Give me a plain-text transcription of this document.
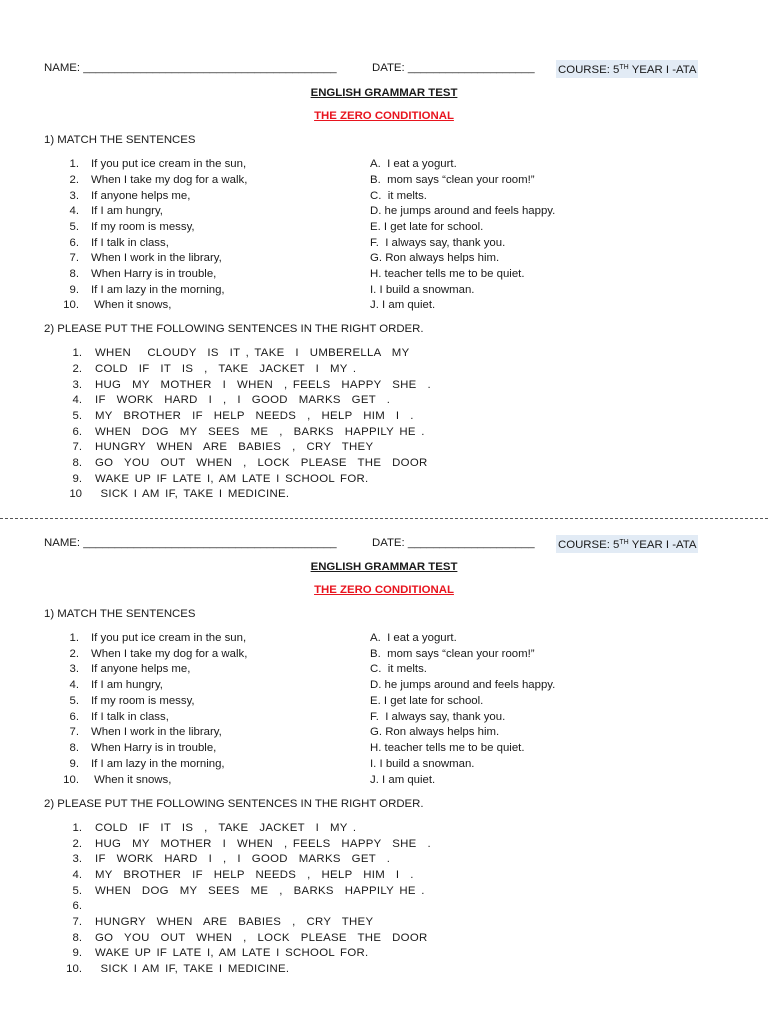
NAME: ________________________________________	DATE: ____________________ COURSE: 5TH YEAR I -ATA
ENGLISH GRAMMAR TEST
THE ZERO CONDITIONAL
1) MATCH THE SENTENCES
1. If you put ice cream in the sun,
2. When I take my dog for a walk,
3. If anyone helps me,
4. If I am hungry,
5. If my room is messy,
6. If I talk in class,
7. When I work in the library,
8. When Harry is in trouble,
9. If I am lazy in the morning,
10. When it snows,
A.  I eat a yogurt.
B.  mom says “clean your room!”
C.  it melts.
D. he jumps around and feels happy.
E. I get late for school.
F.  I always say, thank you.
G. Ron always helps him.
H. teacher tells me to be quiet.
I. I build a snowman.
J. I am quiet.
2) PLEASE PUT THE FOLLOWING SENTENCES IN THE RIGHT ORDER.
1. WHEN   CLOUDY  IS  IT , TAKE  I  UMBERELLA  MY
2. COLD  IF  IT  IS  ,  TAKE  JACKET  I  MY .
3. HUG  MY  MOTHER  I  WHEN  , FEELS  HAPPY  SHE  .
4. IF  WORK  HARD  I  ,  I  GOOD  MARKS  GET  .
5. MY  BROTHER  IF  HELP  NEEDS  ,  HELP  HIM  I  .
6. WHEN  DOG  MY  SEES  ME  ,  BARKS  HAPPILY HE .
7. HUNGRY  WHEN  ARE  BABIES  ,  CRY  THEY
8. GO  YOU  OUT  WHEN  ,  LOCK  PLEASE  THE  DOOR
9. WAKE UP IF LATE I, AM LATE I SCHOOL FOR.
10 SICK I AM IF, TAKE I MEDICINE.
NAME: ________________________________________	DATE: ____________________ COURSE: 5TH YEAR I -ATA
ENGLISH GRAMMAR TEST
THE ZERO CONDITIONAL
1) MATCH THE SENTENCES
1. If you put ice cream in the sun,
2. When I take my dog for a walk,
3. If anyone helps me,
4. If I am hungry,
5. If my room is messy,
6. If I talk in class,
7. When I work in the library,
8. When Harry is in trouble,
9. If I am lazy in the morning,
10. When it snows,
A.  I eat a yogurt.
B.  mom says “clean your room!”
C.  it melts.
D. he jumps around and feels happy.
E. I get late for school.
F.  I always say, thank you.
G. Ron always helps him.
H. teacher tells me to be quiet.
I. I build a snowman.
J. I am quiet.
2) PLEASE PUT THE FOLLOWING SENTENCES IN THE RIGHT ORDER.
1. COLD  IF  IT  IS  ,  TAKE  JACKET  I  MY .
2. HUG  MY  MOTHER  I  WHEN  , FEELS  HAPPY  SHE  .
3. IF  WORK  HARD  I  ,  I  GOOD  MARKS  GET  .
4. MY  BROTHER  IF  HELP  NEEDS  ,  HELP  HIM  I  .
5. WHEN  DOG  MY  SEES  ME  ,  BARKS  HAPPILY HE .
6.
7. HUNGRY  WHEN  ARE  BABIES  ,  CRY  THEY
8. GO  YOU  OUT  WHEN  ,  LOCK  PLEASE  THE  DOOR
9. WAKE UP IF LATE I, AM LATE I SCHOOL FOR.
10. SICK I AM IF, TAKE I MEDICINE.
